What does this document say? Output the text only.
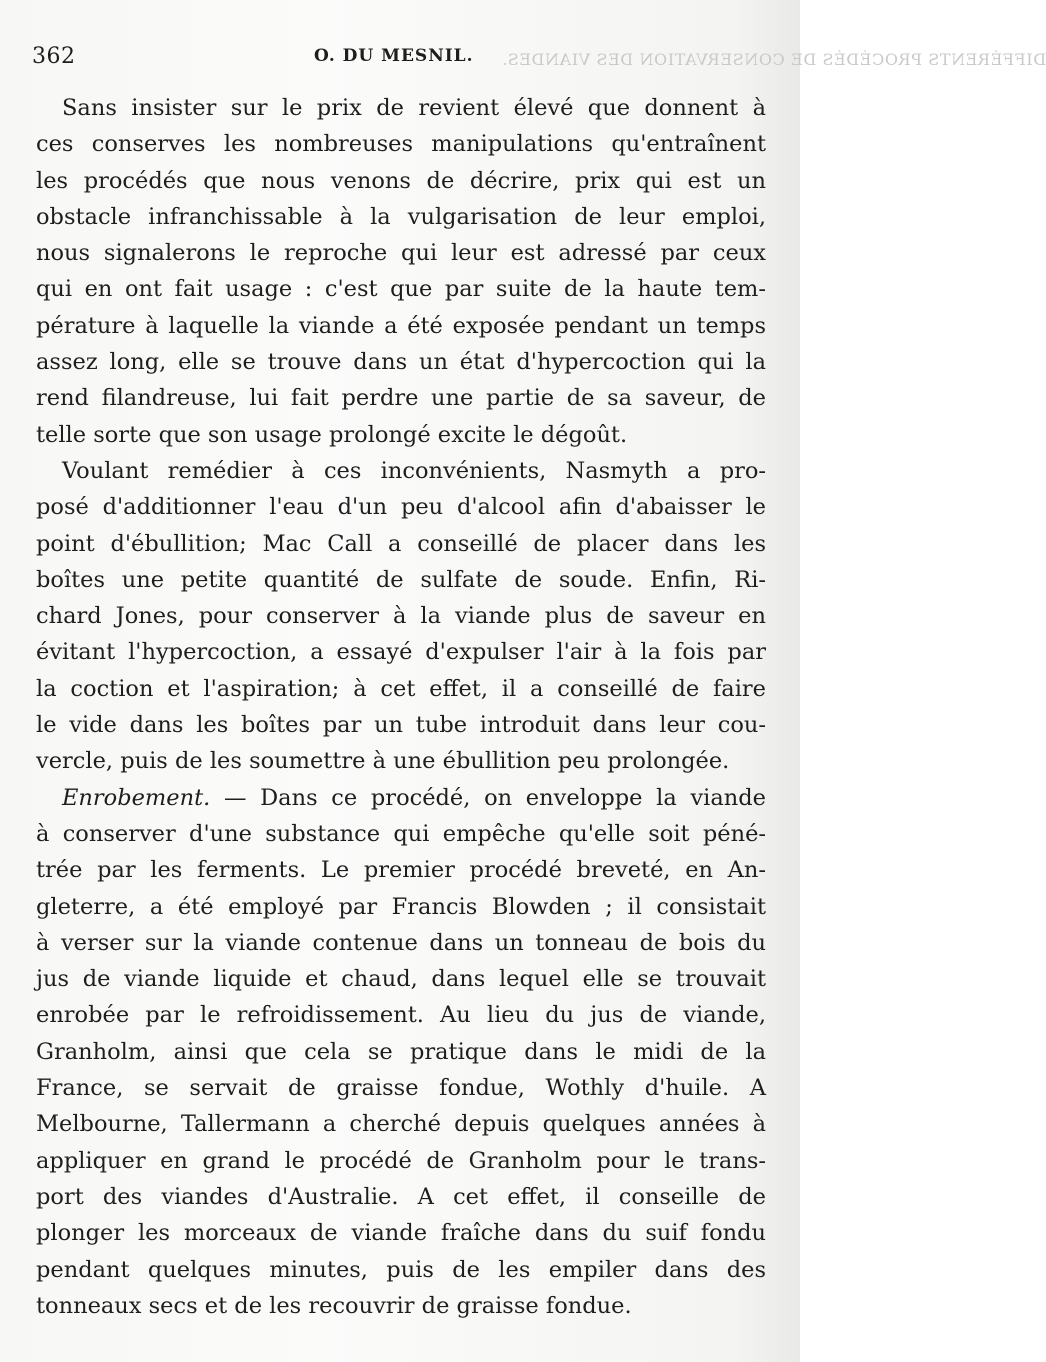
362	O. DU MESNIL. DIFFÉRENTS PROCÉDÉS DE CONSERVATION DES VIANDES.
Sans insister sur le prix de revient élevé que donnent à
ces conserves les nombreuses manipulations qu'entraînent
les procédés que nous venons de décrire, prix qui est un
obstacle infranchissable à la vulgarisation de leur emploi,
nous signalerons le reproche qui leur est adressé par ceux
qui en ont fait usage : c'est que par suite de la haute tem-
pérature à laquelle la viande a été exposée pendant un temps
assez long, elle se trouve dans un état d'hypercoction qui la
rend filandreuse, lui fait perdre une partie de sa saveur, de
telle sorte que son usage prolongé excite le dégoût.
Voulant remédier à ces inconvénients, Nasmyth a pro-
posé d'additionner l'eau d'un peu d'alcool afin d'abaisser le
point d'ébullition; Mac Call a conseillé de placer dans les
boîtes une petite quantité de sulfate de soude. Enfin, Ri-
chard Jones, pour conserver à la viande plus de saveur en
évitant l'hypercoction, a essayé d'expulser l'air à la fois par
la coction et l'aspiration; à cet effet, il a conseillé de faire
le vide dans les boîtes par un tube introduit dans leur cou-
vercle, puis de les soumettre à une ébullition peu prolongée.
Enrobement. — Dans ce procédé, on enveloppe la viande
à conserver d'une substance qui empêche qu'elle soit péné-
trée par les ferments. Le premier procédé breveté, en An-
gleterre, a été employé par Francis Blowden ; il consistait
à verser sur la viande contenue dans un tonneau de bois du
jus de viande liquide et chaud, dans lequel elle se trouvait
enrobée par le refroidissement. Au lieu du jus de viande,
Granholm, ainsi que cela se pratique dans le midi de la
France, se servait de graisse fondue, Wothly d'huile. A
Melbourne, Tallermann a cherché depuis quelques années à
appliquer en grand le procédé de Granholm pour le trans-
port des viandes d'Australie. A cet effet, il conseille de
plonger les morceaux de viande fraîche dans du suif fondu
pendant quelques minutes, puis de les empiler dans des
tonneaux secs et de les recouvrir de graisse fondue.
